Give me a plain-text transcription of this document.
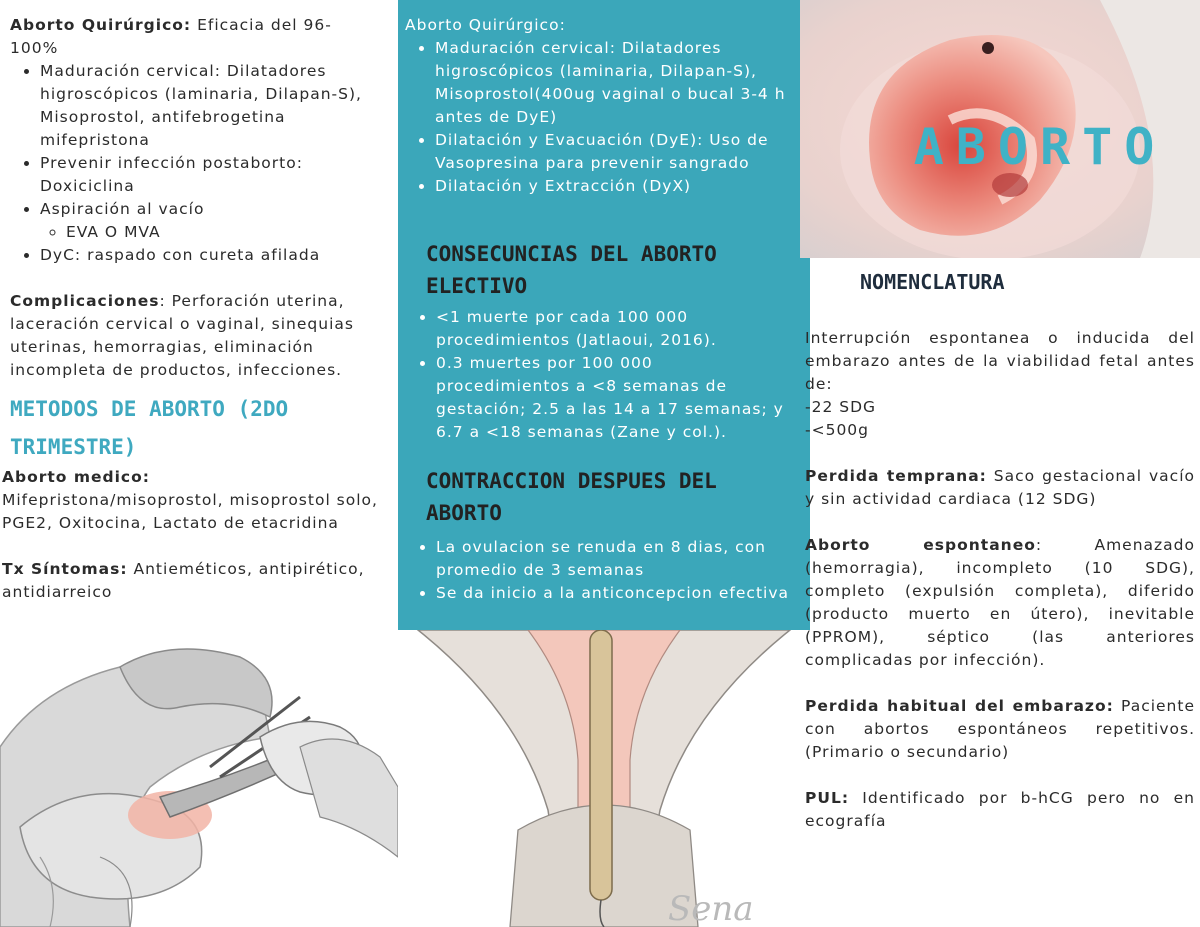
Aborto Quirúrgico: Eficacia del 96-100%
• Maduración cervical: Dilatadores higroscópicos (laminaria, Dilapan-S), Misoprostol, antifebrogetina mifepristona
• Prevenir infección postaborto: Doxiciclina
• Aspiración al vacío
◦ EVA O MVA
• DyC: raspado con cureta afilada
Complicaciones: Perforación uterina, laceración cervical o vaginal, sinequias uterinas, hemorragias, eliminación incompleta de productos, infecciones.
METODOS DE ABORTO (2DO TRIMESTRE)
Aborto medico:
Mifepristona/misoprostol, misoprostol solo, PGE2, Oxitocina, Lactato de etacridina
Tx Síntomas: Antieméticos, antipirético, antidiarreico
Aborto Quirúrgico:
• Maduración cervical: Dilatadores higroscópicos (laminaria, Dilapan-S), Misoprostol(400ug vaginal o bucal 3-4 h antes de DyE)
• Dilatación y Evacuación (DyE): Uso de Vasopresina para prevenir sangrado
• Dilatación y Extracción (DyX)
CONSECUNCIAS DEL ABORTO ELECTIVO
• <1 muerte por cada 100 000 procedimientos (Jatlaoui, 2016).
• 0.3 muertes por 100 000 procedimientos a <8 semanas de gestación; 2.5 a las 14 a 17 semanas; y 6.7 a <18 semanas (Zane y col.).
CONTRACCION DESPUES DEL ABORTO
• La ovulacion se renuda en 8 dias, con promedio de 3 semanas
• Se da inicio a la anticoncepcion efectiva
Sena
ABORTO
NOMENCLATURA
Interrupción espontanea o inducida del embarazo antes de la viabilidad fetal antes de:
-22 SDG
-<500g
Perdida temprana: Saco gestacional vacío y sin actividad cardiaca (12 SDG)
Aborto espontaneo: Amenazado (hemorragia), incompleto (10 SDG), completo (expulsión completa), diferido (producto muerto en útero), inevitable (PPROM), séptico (las anteriores complicadas por infección).
Perdida habitual del embarazo: Paciente con abortos espontáneos repetitivos. (Primario o secundario)
PUL: Identificado por b-hCG pero no en ecografía
